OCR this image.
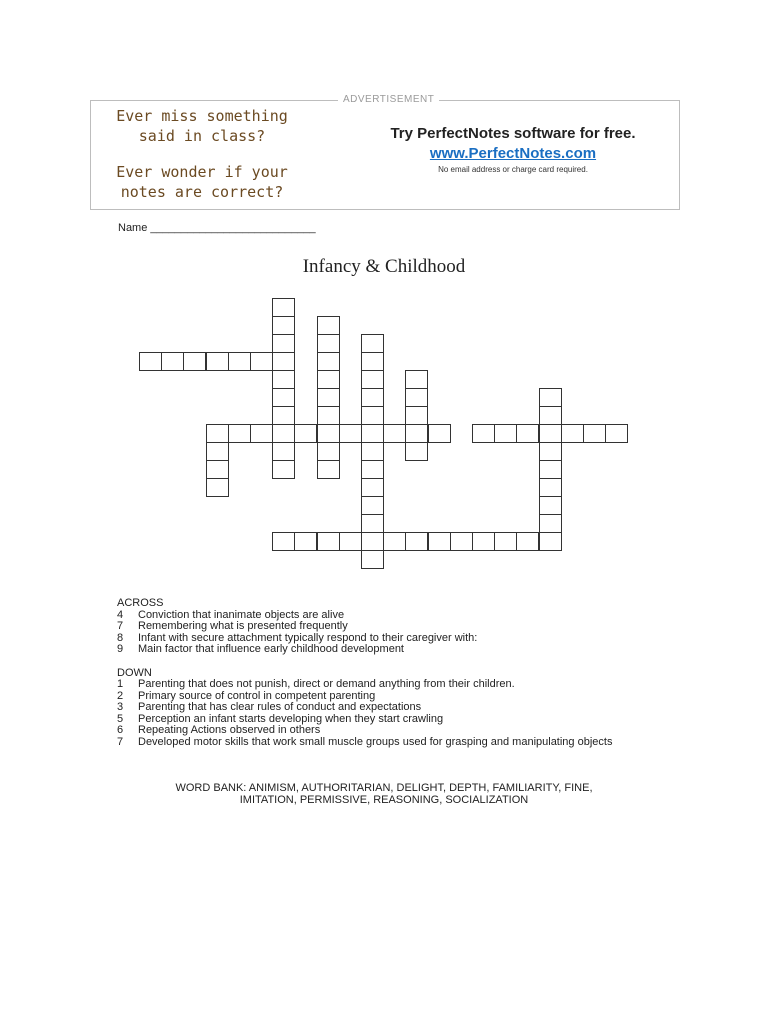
ADVERTISEMENT
Ever miss something
said in class?
Ever wonder if your
notes are correct?
Try PerfectNotes software for free.
www.PerfectNotes.com
No email address or charge card required.
Name ___________________________
Infancy & Childhood
ACROSS
4	Conviction that inanimate objects are alive
7	Remembering what is presented frequently
8	Infant with secure attachment typically respond to their caregiver with:
9	Main factor that influence early childhood development
DOWN
1	Parenting that does not punish, direct or demand anything from their children.
2	Primary source of control in competent parenting
3	Parenting that has clear rules of conduct and expectations
5	Perception an infant starts developing when they start crawling
6	Repeating Actions observed in others
7	Developed motor skills that work small muscle groups used for grasping and manipulating objects
WORD BANK: ANIMISM, AUTHORITARIAN, DELIGHT, DEPTH, FAMILIARITY, FINE,
IMITATION, PERMISSIVE, REASONING, SOCIALIZATION
